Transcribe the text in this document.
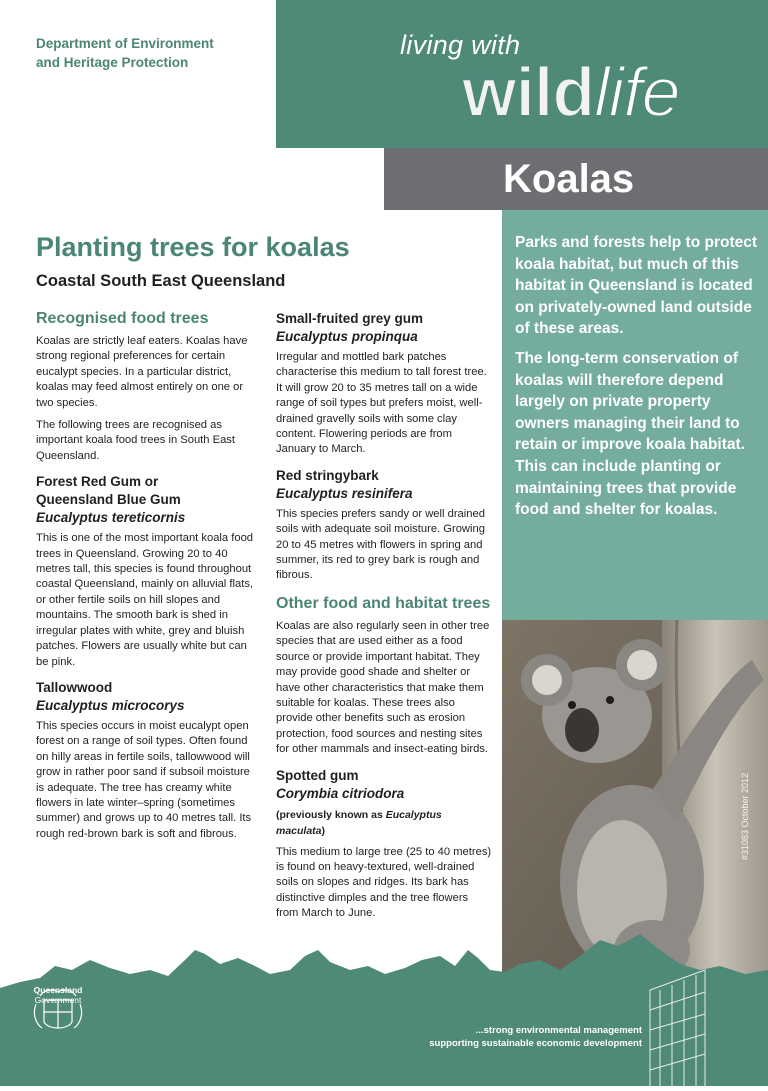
Department of Environment
and Heritage Protection
living with
wildlife
Koalas
Planting trees for koalas
Coastal South East Queensland
Recognised food trees

Koalas are strictly leaf eaters. Koalas have strong regional preferences for certain eucalypt species. In a particular district, koalas may feed almost entirely on one or two species.

The following trees are recognised as important koala food trees in South East Queensland.

Forest Red Gum or
Queensland Blue Gum
Eucalyptus tereticornis

This is one of the most important koala food trees in Queensland. Growing 20 to 40 metres tall, this species is found throughout coastal Queensland, mainly on alluvial flats, or other fertile soils on hill slopes and mountains. The smooth bark is shed in irregular plates with white, grey and bluish patches. Flowers are usually white but can be pink.

Tallowwood
Eucalyptus microcorys

This species occurs in moist eucalypt open forest on a range of soil types. Often found on hilly areas in fertile soils, tallowwood will grow in rather poor sand if subsoil moisture is adequate. The tree has creamy white flowers in late winter–spring (sometimes summer) and grows up to 40 metres tall. Its rough red-brown bark is soft and fibrous.

Small-fruited grey gum
Eucalyptus propinqua

Irregular and mottled bark patches characterise this medium to tall forest tree. It will grow 20 to 35 metres tall on a wide range of soil types but prefers moist, well-drained gravelly soils with some clay content. Flowering periods are from January to March.

Red stringybark
Eucalyptus resinifera

This species prefers sandy or well drained soils with adequate soil moisture. Growing 20 to 45 metres with flowers in spring and summer, its red to grey bark is rough and fibrous.

Other food and habitat trees

Koalas are also regularly seen in other tree species that are used either as a food source or provide important habitat. They may provide good shade and shelter or have other characteristics that make them suitable for koalas. These trees also provide other benefits such as erosion protection, food sources and nesting sites for other mammals and insect-eating birds.

Spotted gum
Corymbia citriodora
(previously known as Eucalyptus maculata)

This medium to large tree (25 to 40 metres) is found on heavy-textured, well-drained soils on slopes and ridges. Its bark has distinctive dimples and the tree flowers from March to June.

Parks and forests help to protect koala habitat, but much of this habitat in Queensland is located on privately-owned land outside of these areas.

The long-term conservation of koalas will therefore depend largely on private property owners managing their land to retain or improve koala habitat. This can include planting or maintaining trees that provide food and shelter for koalas.

#31083 October 2012
Queensland
Government
...strong environmental management
supporting sustainable economic development
